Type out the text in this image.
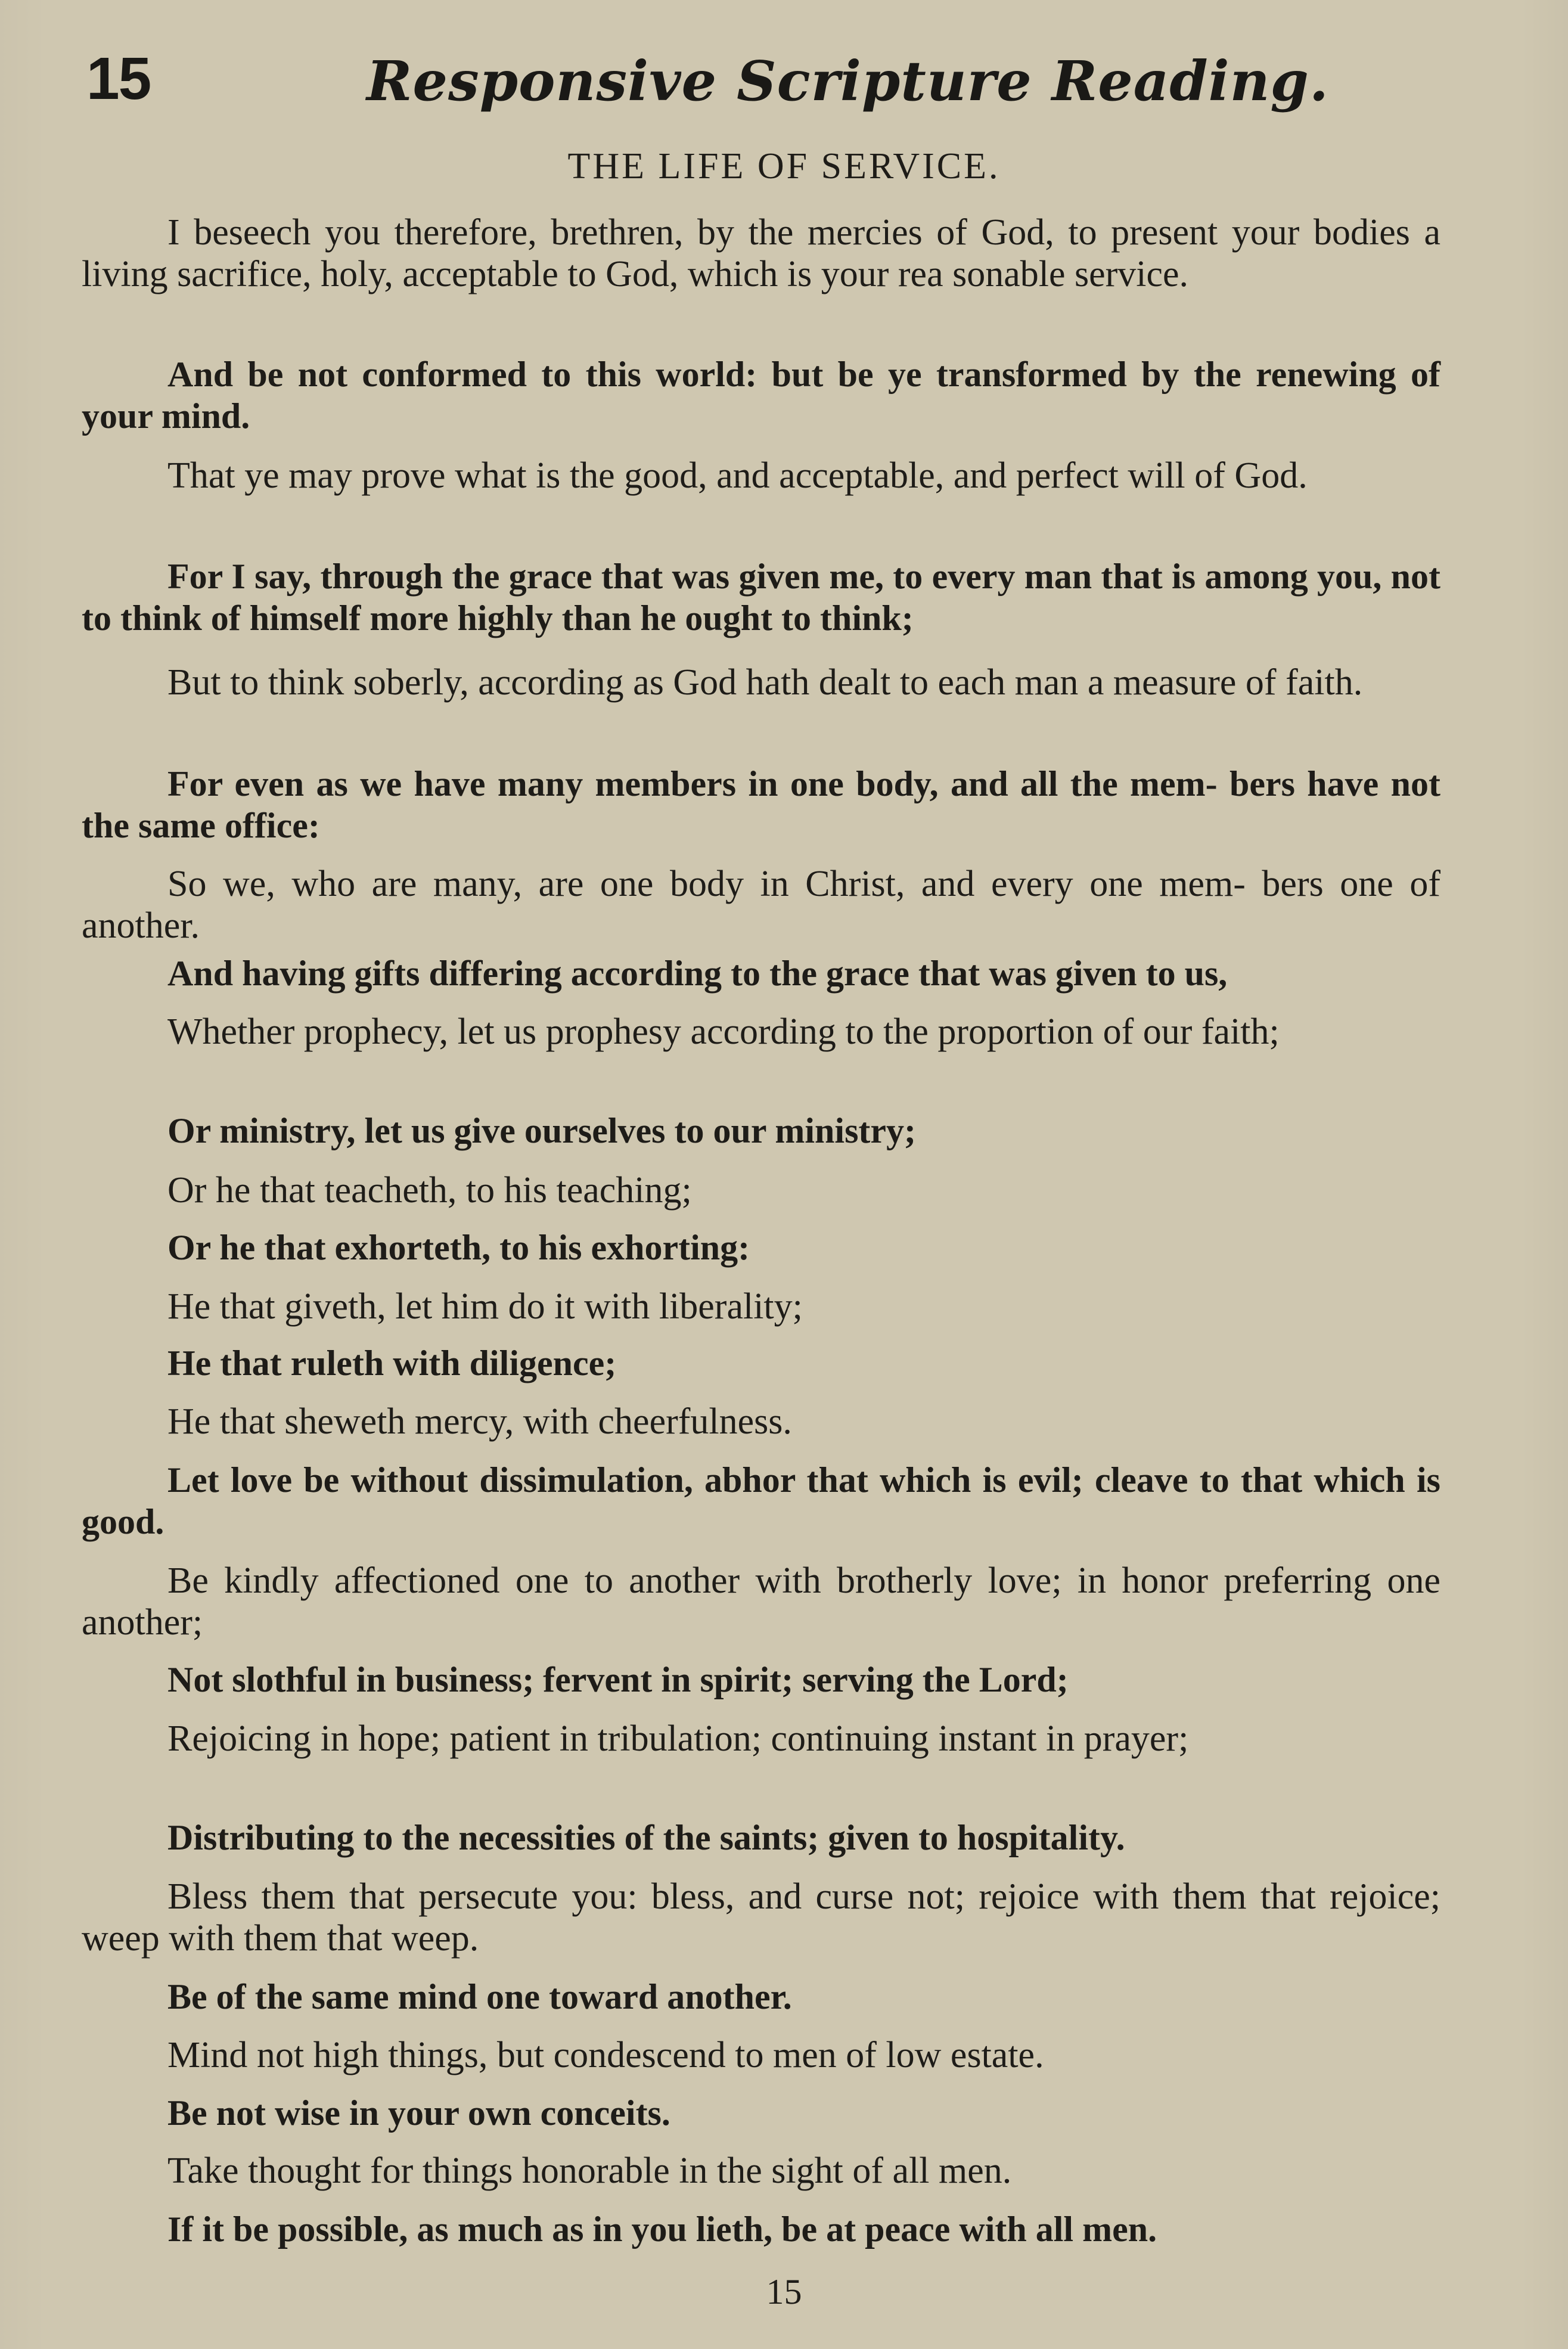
15	Responsive Scripture Reading.
THE LIFE OF SERVICE.

I beseech you therefore, brethren, by the mercies of God, to present your bodies a living sacrifice, holy, acceptable to God, which is your rea sonable service.

And be not conformed to this world: but be ye transformed by the renewing of your mind.

That ye may prove what is the good, and acceptable, and perfect will of God.

For I say, through the grace that was given me, to every man that is among you, not to think of himself more highly than he ought to think;

But to think soberly, according as God hath dealt to each man a measure of faith.

For even as we have many members in one body, and all the mem- bers have not the same office:

So we, who are many, are one body in Christ, and every one mem- bers one of another.

And having gifts differing according to the grace that was given to us,

Whether prophecy, let us prophesy according to the proportion of our faith;

Or ministry, let us give ourselves to our ministry;

Or he that teacheth, to his teaching;

Or he that exhorteth, to his exhorting:

He that giveth, let him do it with liberality;

He that ruleth with diligence;

He that sheweth mercy, with cheerfulness.

Let love be without dissimulation, abhor that which is evil; cleave to that which is good.

Be kindly affectioned one to another with brotherly love; in honor preferring one another;

Not slothful in business; fervent in spirit; serving the Lord;

Rejoicing in hope; patient in tribulation; continuing instant in prayer;

Distributing to the necessities of the saints; given to hospitality.

Bless them that persecute you: bless, and curse not; rejoice with them that rejoice; weep with them that weep.

Be of the same mind one toward another.

Mind not high things, but condescend to men of low estate.

Be not wise in your own conceits.

Take thought for things honorable in the sight of all men.

If it be possible, as much as in you lieth, be at peace with all men.

15
